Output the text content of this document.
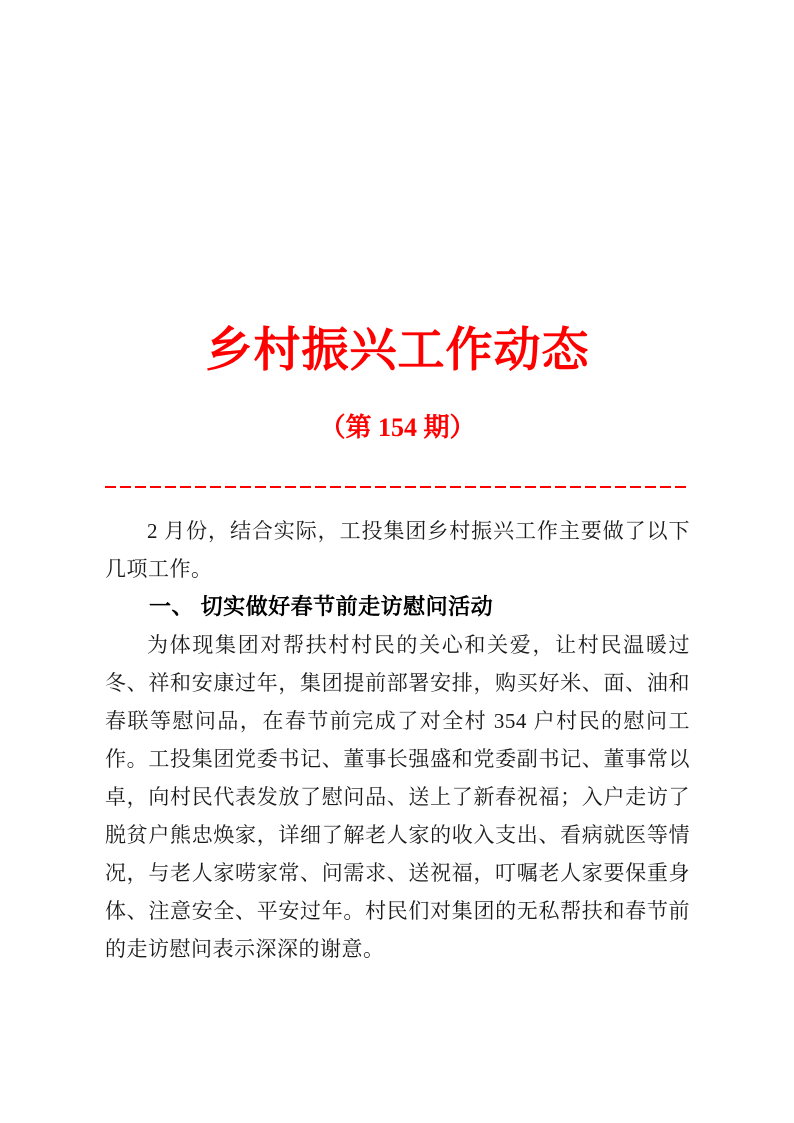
乡村振兴工作动态
（第 154 期）

2 月份，结合实际，工投集团乡村振兴工作主要做了以下几项工作。

一、 切实做好春节前走访慰问活动

为体现集团对帮扶村村民的关心和关爱，让村民温暖过冬、祥和安康过年，集团提前部署安排，购买好米、面、油和春联等慰问品，在春节前完成了对全村 354 户村民的慰问工作。工投集团党委书记、董事长强盛和党委副书记、董事常以卓，向村民代表发放了慰问品、送上了新春祝福；入户走访了脱贫户熊忠焕家，详细了解老人家的收入支出、看病就医等情况，与老人家唠家常、问需求、送祝福，叮嘱老人家要保重身体、注意安全、平安过年。村民们对集团的无私帮扶和春节前的走访慰问表示深深的谢意。
